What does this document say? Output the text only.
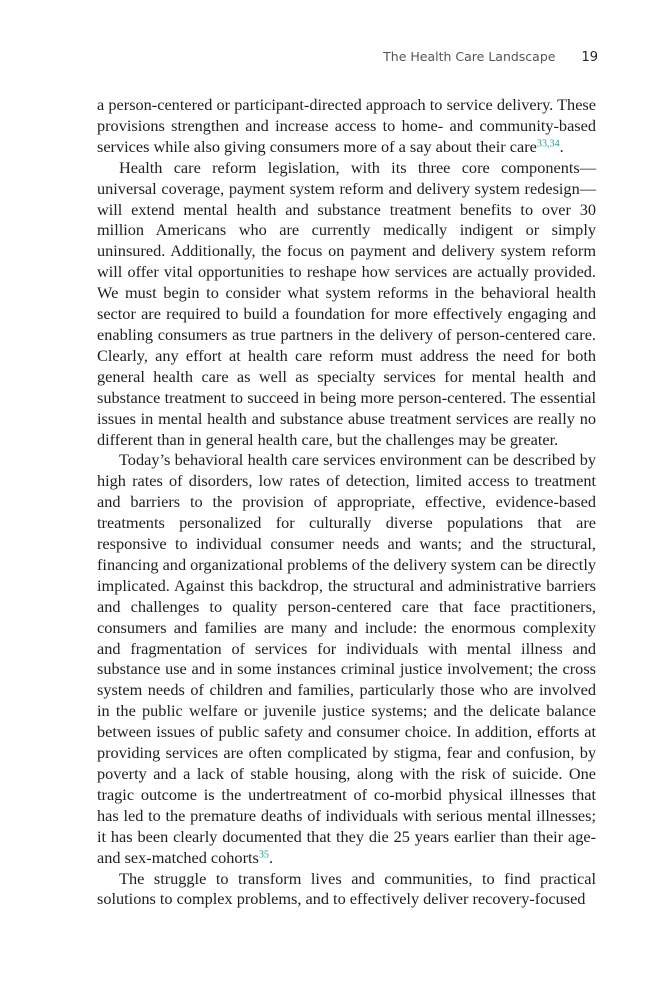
The Health Care Landscape 19

a person-centered or participant-directed approach to service delivery. These provisions strengthen and increase access to home- and community-based services while also giving consumers more of a say about their care$^{33,34}$.

Health care reform legislation, with its three core components—universal coverage, payment system reform and delivery system redesign—will extend mental health and substance treatment benefits to over 30 million Americans who are currently medically indigent or simply uninsured. Additionally, the focus on payment and delivery system reform will offer vital opportunities to reshape how services are actually provided. We must begin to consider what system reforms in the behavioral health sector are required to build a foundation for more effectively engaging and enabling consumers as true partners in the delivery of person-centered care. Clearly, any effort at health care reform must address the need for both general health care as well as specialty services for mental health and substance treatment to succeed in being more person-centered. The essential issues in mental health and substance abuse treatment services are really no different than in general health care, but the challenges may be greater.

Today’s behavioral health care services environment can be described by high rates of disorders, low rates of detection, limited access to treatment and barriers to the provision of appropriate, effective, evidence-based treatments personalized for culturally diverse populations that are responsive to individual consumer needs and wants; and the structural, financing and organizational problems of the delivery system can be directly implicated. Against this backdrop, the structural and administrative barriers and challenges to quality person-centered care that face practitioners, consumers and families are many and include: the enormous complexity and fragmentation of services for individuals with mental illness and substance use and in some instances criminal justice involvement; the cross system needs of children and families, particularly those who are involved in the public welfare or juvenile justice systems; and the delicate balance between issues of public safety and consumer choice. In addition, efforts at providing services are often complicated by stigma, fear and confusion, by poverty and a lack of stable housing, along with the risk of suicide. One tragic outcome is the undertreatment of co-morbid physical illnesses that has led to the premature deaths of individuals with serious mental illnesses; it has been clearly documented that they die 25 years earlier than their age- and sex-matched cohorts$^{35}$.

The struggle to transform lives and communities, to find practical solutions to complex problems, and to effectively deliver recovery-focused
